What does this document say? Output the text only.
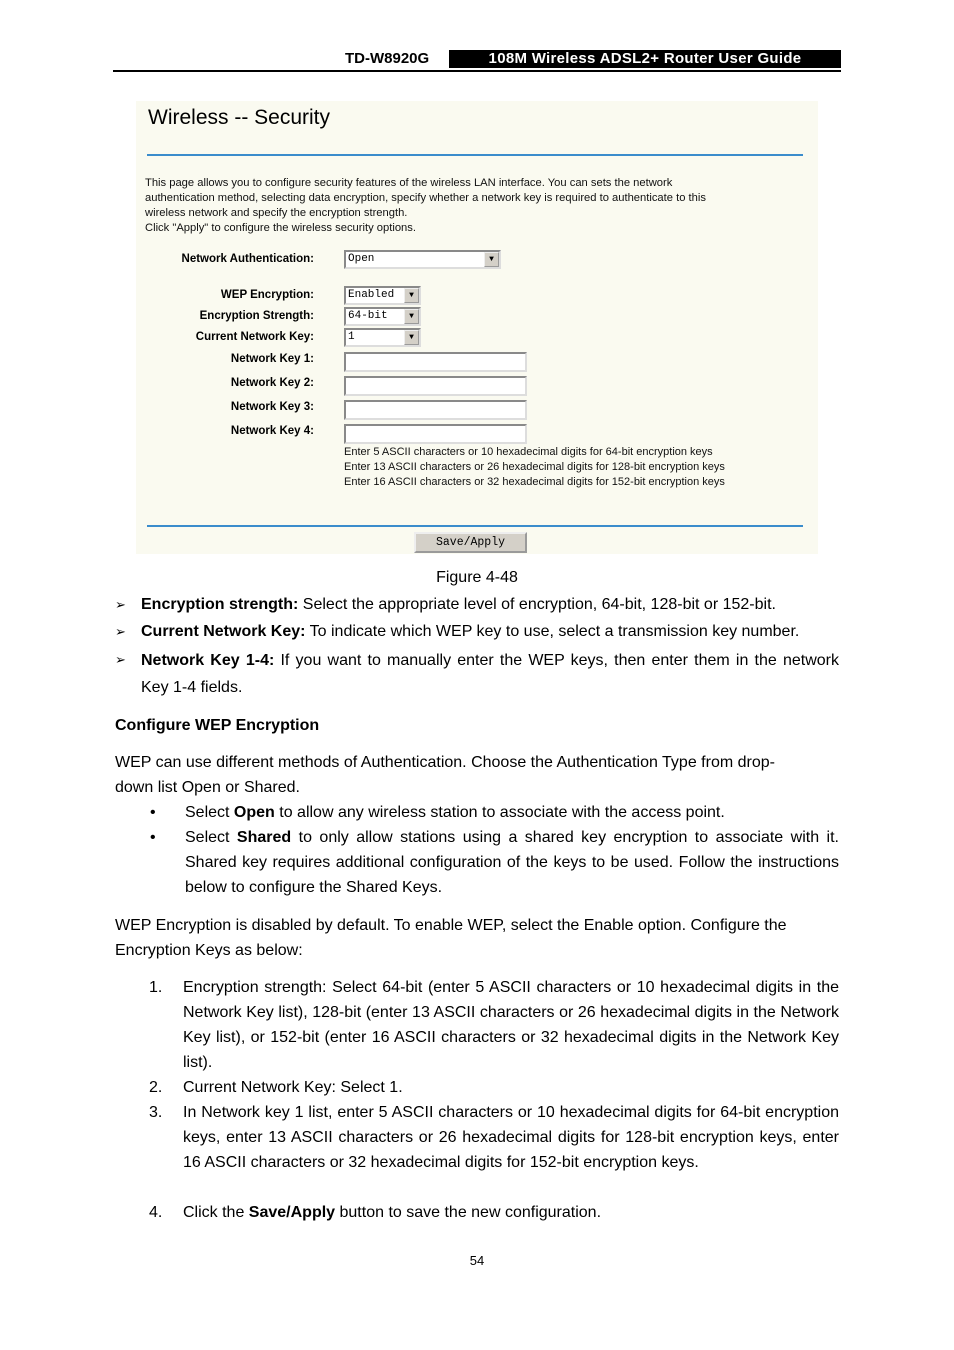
TD-W8920G	108M Wireless ADSL2+ Router User Guide
Wireless -- Security
This page allows you to configure security features of the wireless LAN interface. You can sets the network
authentication method, selecting data encryption, specify whether a network key is required to authenticate to this
wireless network and specify the encryption strength.
Click "Apply" to configure the wireless security options.
Network Authentication:	Open	▼
WEP Encryption:	Enabled	▼
Encryption Strength:	64-bit	▼
Current Network Key:	1	▼
Network Key 1:
Network Key 2:
Network Key 3:
Network Key 4:
Enter 5 ASCII characters or 10 hexadecimal digits for 64-bit encryption keys
Enter 13 ASCII characters or 26 hexadecimal digits for 128-bit encryption keys
Enter 16 ASCII characters or 32 hexadecimal digits for 152-bit encryption keys
Save/Apply
Figure 4-48
➢ Encryption strength: Select the appropriate level of encryption, 64-bit, 128-bit or 152-bit.
➢ Current Network Key: To indicate which WEP key to use, select a transmission key number.
➢ Network Key 1-4: If you want to manually enter the WEP keys, then enter them in the network Key 1-4 fields.
Configure WEP Encryption
WEP can use different methods of Authentication. Choose the Authentication Type from drop-down list Open or Shared.
• Select Open to allow any wireless station to associate with the access point.
• Select Shared to only allow stations using a shared key encryption to associate with it. Shared key requires additional configuration of the keys to be used. Follow the instructions below to configure the Shared Keys.
WEP Encryption is disabled by default. To enable WEP, select the Enable option. Configure the Encryption Keys as below:
1. Encryption strength: Select 64-bit (enter 5 ASCII characters or 10 hexadecimal digits in the Network Key list), 128-bit (enter 13 ASCII characters or 26 hexadecimal digits in the Network Key list), or 152-bit (enter 16 ASCII characters or 32 hexadecimal digits in the Network Key list).
2. Current Network Key: Select 1.
3. In Network key 1 list, enter 5 ASCII characters or 10 hexadecimal digits for 64-bit encryption keys, enter 13 ASCII characters or 26 hexadecimal digits for 128-bit encryption keys, enter 16 ASCII characters or 32 hexadecimal digits for 152-bit encryption keys.
4. Click the Save/Apply button to save the new configuration.
54
